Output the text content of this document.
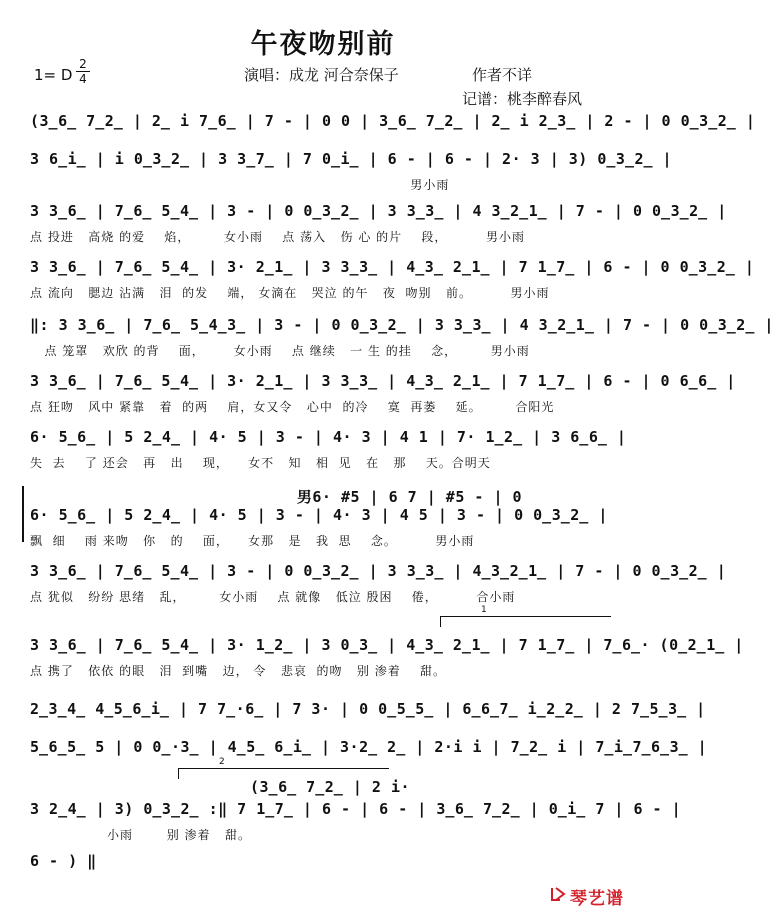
午夜吻别前
1= D
2
4	演唱：成龙 河合奈保子	作者不详
记谱：桃李醉春风
(3̲6̲ 7̲2̲ | 2̲ i 7̲6̲ | 7 - | 0 0 | 3̲6̲ 7̲2̲ | 2̲ i 2̲3̲ | 2 - | 0 0̲3̲2̲ |
3 6̲i̲ | i 0̲3̲2̲ | 3 3̲7̲ | 7 0̲i̲ | 6 - | 6 - | 2· 3 | 3) 0̲3̲2̲ |
男小雨
3 3̲6̲ | 7̲6̲ 5̲4̲ | 3 - | 0 0̲3̲2̲ | 3 3̲3̲ | 4 3̲2̲1̲ | 7 - | 0 0̲3̲2̲ |
点 投进   高烧 的爱    焰，       女小雨    点 荡入   伤 心 的片    段，        男小雨
3 3̲6̲ | 7̲6̲ 5̲4̲ | 3· 2̲1̲ | 3 3̲3̲ | 4̲3̲ 2̲1̲ | 7 1̲7̲ | 6 - | 0 0̲3̲2̲ |
点 流向   腮边 沾满   泪  的发    端， 女滴在   哭泣 的午   夜  吻别   前。        男小雨
‖: 3 3̲6̲ | 7̲6̲ 5̲4̲3̲ | 3 - | 0 0̲3̲2̲ | 3 3̲3̲ | 4 3̲2̲1̲ | 7 - | 0 0̲3̲2̲ |
点 笼罩   欢欣 的背    面，      女小雨    点 继续   一 生 的挂    念，       男小雨
3 3̲6̲ | 7̲6̲ 5̲4̲ | 3· 2̲1̲ | 3 3̲3̲ | 4̲3̲ 2̲1̲ | 7 1̲7̲ | 6 - | 0 6̲6̲ |
点 狂吻   风中 紧靠   着  的两    肩，女又令   心中  的冷    寞  再萎    延。       合阳光
6· 5̲6̲ | 5 2̲4̲ | 4· 5 | 3 - | 4· 3 | 4 1 | 7· 1̲2̲ | 3 6̲6̲ |
失  去    了 还会   再   出    现，    女不   知   相  见   在   那    天。合明天
男6· #5 | 6 7 | #5 - | 0
6· 5̲6̲ | 5 2̲4̲ | 4· 5 | 3 - | 4· 3 | 4 5 | 3 - | 0 0̲3̲2̲ |
飘  细    雨 来吻   你   的    面，    女那   是   我  思    念。        男小雨
3 3̲6̲ | 7̲6̲ 5̲4̲ | 3 - | 0 0̲3̲2̲ | 3 3̲3̲ | 4̲3̲2̲1̲ | 7 - | 0 0̲3̲2̲ |
点 犹似   纷纷 思绪   乱，       女小雨    点 就像   低泣 殷困    倦，        合小雨
1
3 3̲6̲ | 7̲6̲ 5̲4̲ | 3· 1̲2̲ | 3 0̲3̲ | 4̲3̲ 2̲1̲ | 7 1̲7̲ | 7̲6̲· (0̲2̲1̲ |
点 携了   依依 的眼   泪  到嘴   边， 令   悲哀  的吻   别 渗着    甜。
2̲3̲4̲ 4̲5̲6̲i̲ | 7 7̲·6̲ | 7 3· | 0 0̲5̲5̲ | 6̲6̲7̲ i̲2̲2̲ | 2 7̲5̲3̲ |
5̲6̲5̲ 5 | 0 0̲·3̲ | 4̲5̲ 6̲i̲ | 3·2̲ 2̲ | 2·i i | 7̲2̲ i | 7̲i̲7̲6̲3̲ |
2
(3̲6̲ 7̲2̲ | 2 i·
3 2̲4̲ | 3) 0̲3̲2̲ :‖ 7 1̲7̲ | 6 - | 6 - | 3̲6̲ 7̲2̲ | 0̲i̲ 7 | 6 - |
小雨       别 渗着   甜。
6 - ) ‖
琴艺谱
